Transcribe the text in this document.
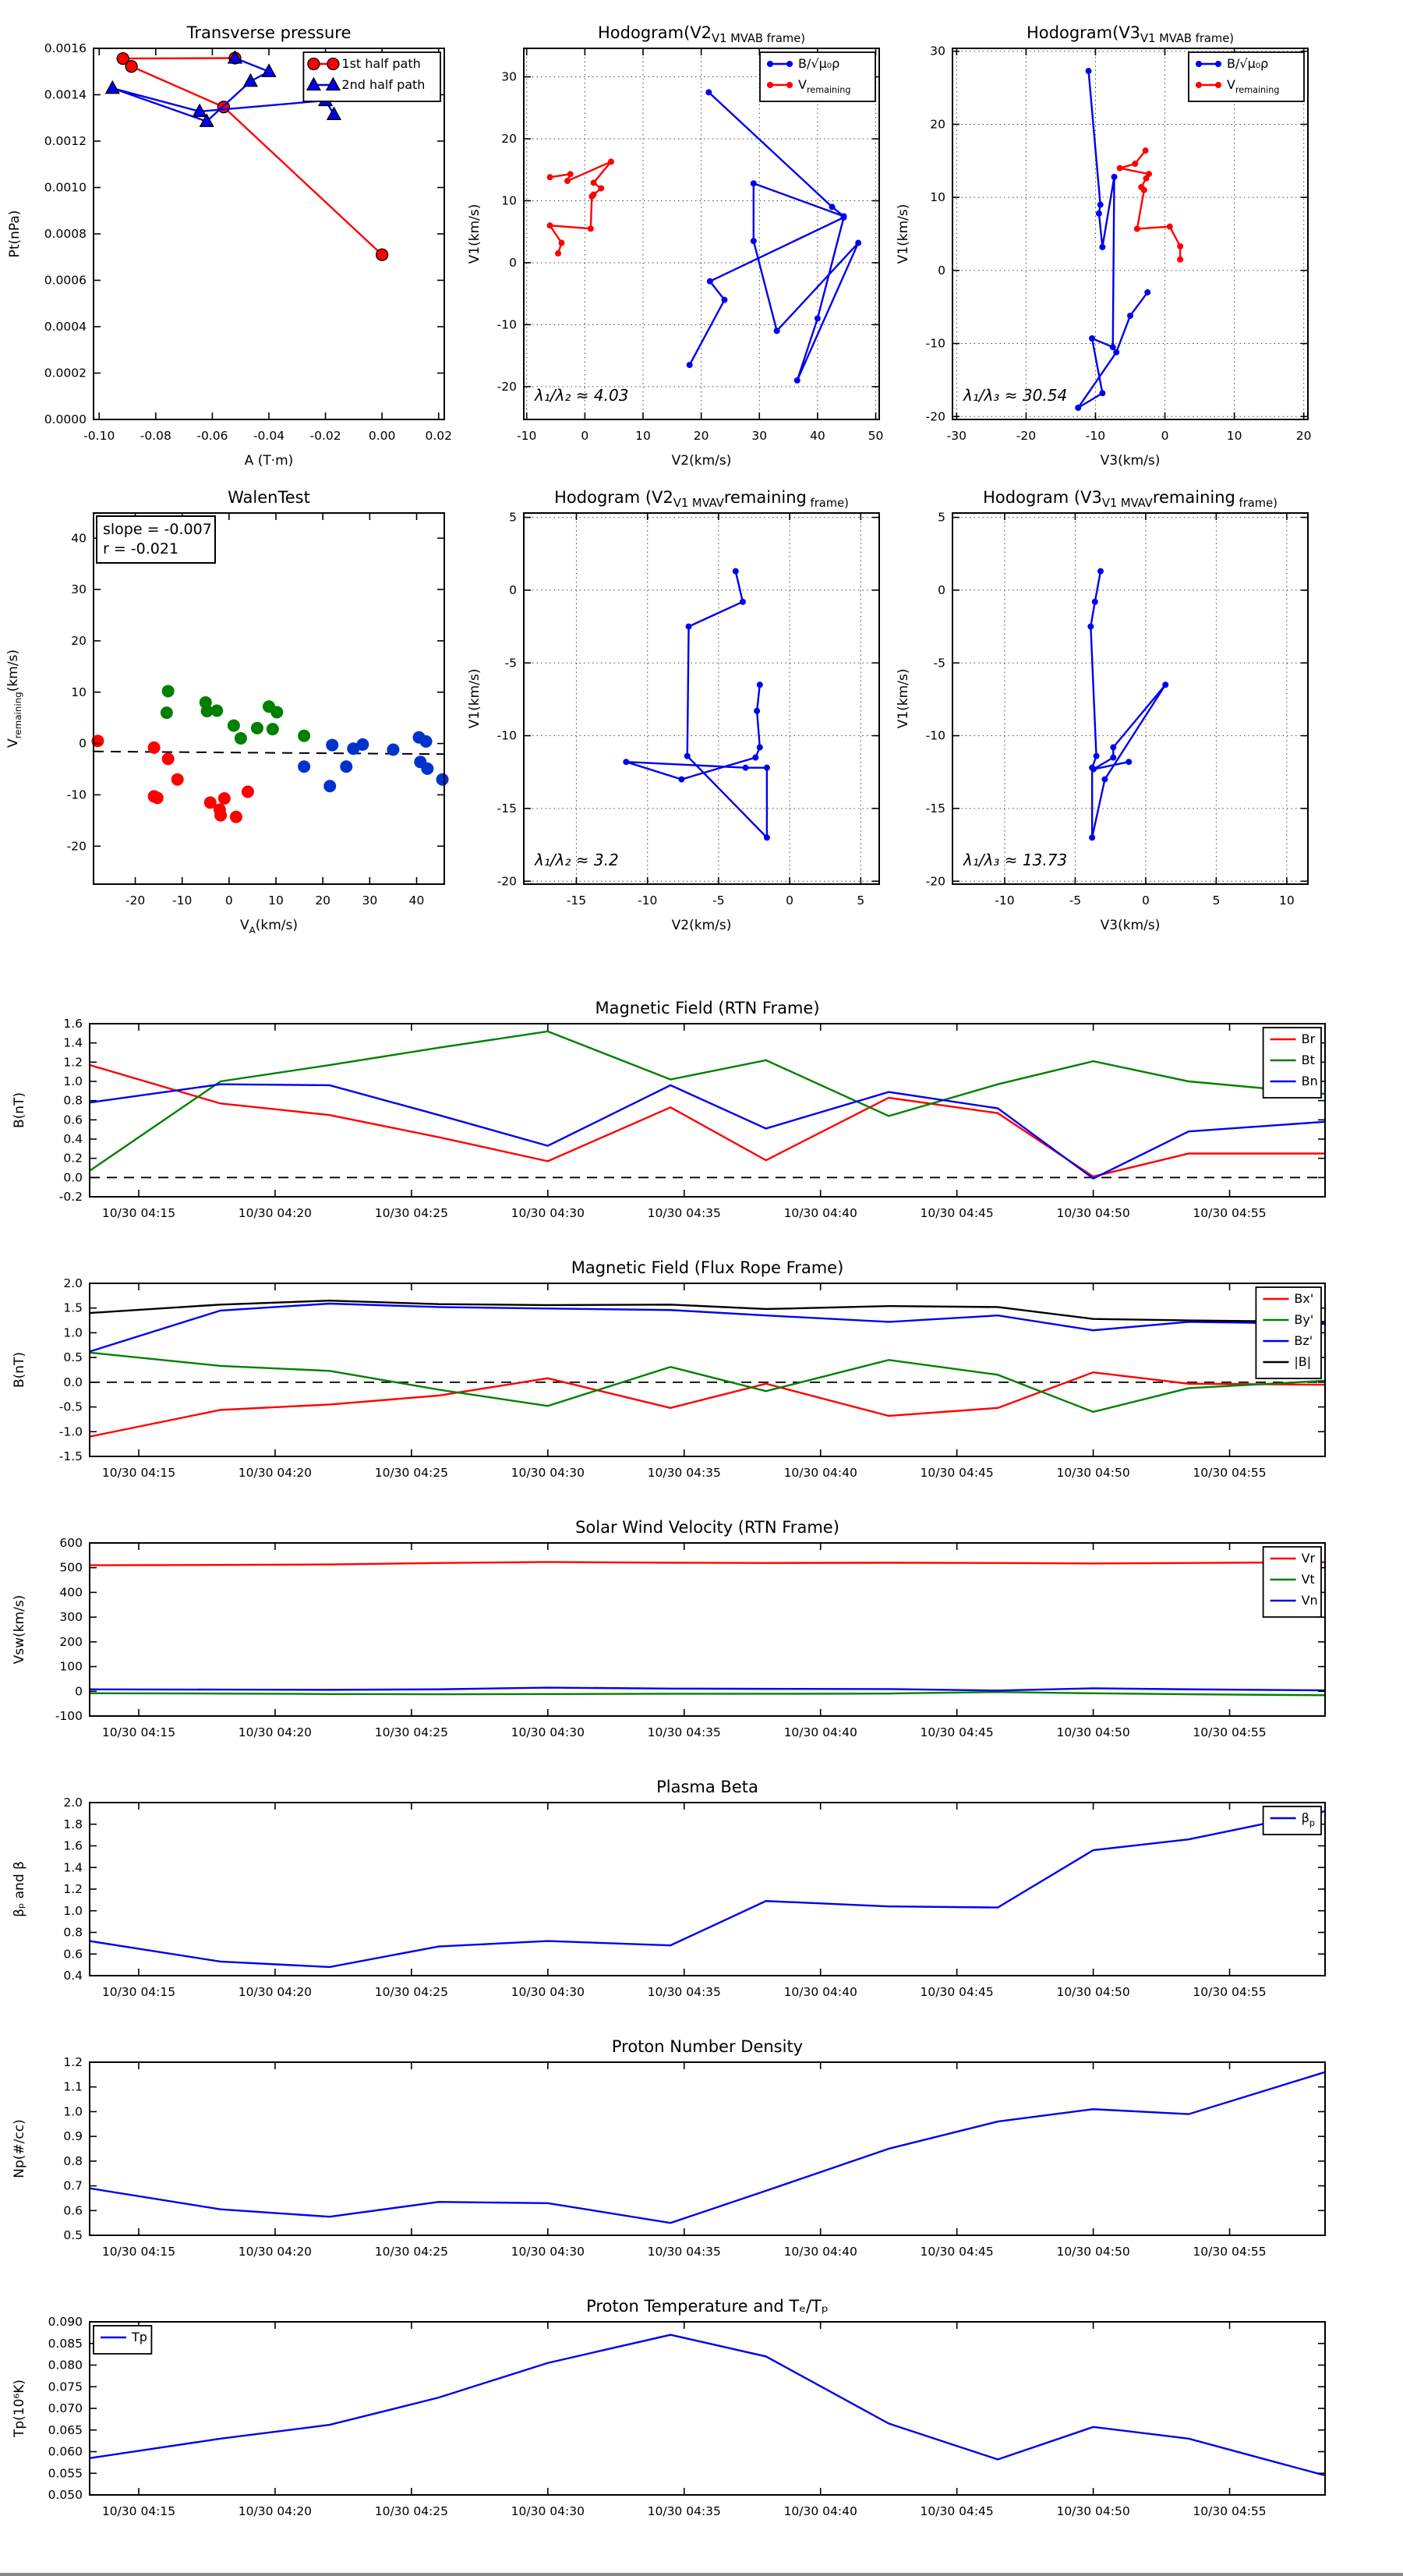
-0.10 -0.08 -0.06 -0.04 -0.02 0.00 0.02
0.0000
0.0002
0.0004
0.0006
0.0008
0.0010
0.0012
0.0014
0.0016
Transverse pressure
A (T·m)
Pt(nPa)
1st half path
2nd half path
-10	0	10	20	30	40	50
-20
-10
0
10
20
30
$Hodogram(V2_{V1 MVAB frame)}$
V2(km/s)
V1(km/s)
λ₁/λ₂ ≈ 4.03
B/√μ₀ρ
$V_{remaining}$
-30	-20	-10	0	10	20
-20
-10
0
10
20
30
$Hodogram(V3_{V1 MVAB frame)}$
V3(km/s)
V1(km/s)
λ₁/λ₃ ≈ 30.54
B/√μ₀ρ
$V_{remaining}$
-20 -10	0	10	20	30	40
-20
-10
0
10
20
30
40
WalenTest
$V_A(km/s)$
$V_{remaining}(km/s)$
slope = -0.007
r = -0.021
-15	-10	-5	0	5
-20
-15
-10
-5
0
5
Hodogram ($V2_{V1 MVAV}remaining$ $_{frame)}$
V2(km/s)
V1(km/s)
λ₁/λ₂ ≈ 3.2
-10	-5	0	5	10
-20
-15
-10
-5
0
5
Hodogram ($V3_{V1 MVAV}remaining$ $_{frame)}$
V3(km/s)
V1(km/s)
λ₁/λ₃ ≈ 13.73
10/30 04:15	10/30 04:20	10/30 04:25	10/30 04:30	10/30 04:35	10/30 04:40	10/30 04:45	10/30 04:50	10/30 04:55
-0.2
0.0
0.2
0.4
0.6
0.8
1.0
1.2
1.4
1.6
Magnetic Field (RTN Frame)
B(nT)
Br
Bt
Bn
10/30 04:15	10/30 04:20	10/30 04:25	10/30 04:30	10/30 04:35	10/30 04:40	10/30 04:45	10/30 04:50	10/30 04:55
-1.5
-1.0
-0.5
0.0
0.5
1.0
1.5
2.0
Magnetic Field (Flux Rope Frame)
B(nT)
Bx'
By'
Bz'
|B|
10/30 04:15	10/30 04:20	10/30 04:25	10/30 04:30	10/30 04:35	10/30 04:40	10/30 04:45	10/30 04:50	10/30 04:55
-100
0
100
200
300
400
500
600
Solar Wind Velocity (RTN Frame)
Vsw(km/s)
Vr
Vt
Vn
10/30 04:15	10/30 04:20	10/30 04:25	10/30 04:30	10/30 04:35	10/30 04:40	10/30 04:45	10/30 04:50	10/30 04:55
0.4
0.6
0.8
1.0
1.2
1.4
1.6
1.8
2.0
Plasma Beta
βₚ and β
$\beta_p$
10/30 04:15	10/30 04:20	10/30 04:25	10/30 04:30	10/30 04:35	10/30 04:40	10/30 04:45	10/30 04:50	10/30 04:55
0.5
0.6
0.7
0.8
0.9
1.0
1.1
1.2
Proton Number Density
Np(#/cc)
10/30 04:15	10/30 04:20	10/30 04:25	10/30 04:30	10/30 04:35	10/30 04:40	10/30 04:45	10/30 04:50	10/30 04:55
0.050
0.055
0.060
0.065
0.070
0.075
0.080
0.085
0.090
Proton Temperature and Tₑ/Tₚ
Tp(10⁶K)
Tp
